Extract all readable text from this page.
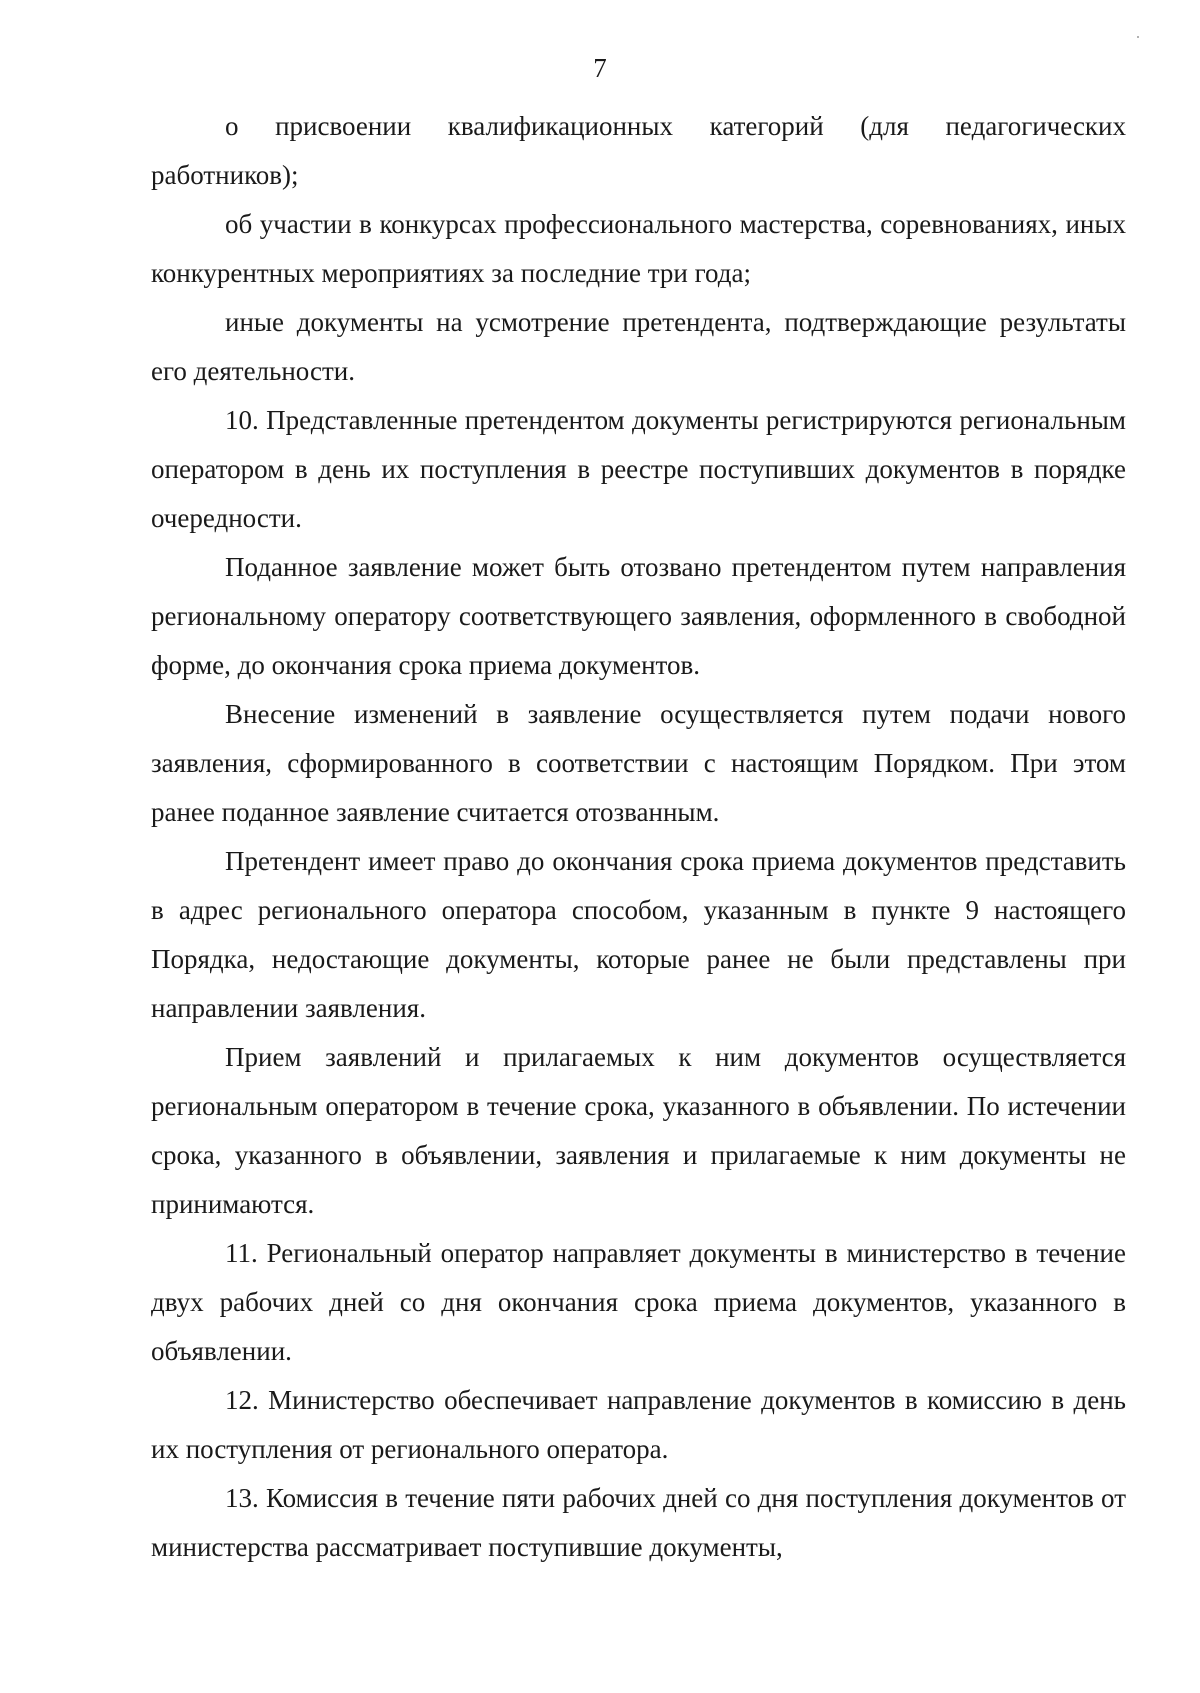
7

о присвоении квалификационных категорий (для педагогических работников);

об участии в конкурсах профессионального мастерства, соревнованиях, иных конкурентных мероприятиях за последние три года;

иные документы на усмотрение претендента, подтверждающие результаты его деятельности.

10. Представленные претендентом документы регистрируются региональным оператором в день их поступления в реестре поступивших документов в порядке очередности.

Поданное заявление может быть отозвано претендентом путем направления региональному оператору соответствующего заявления, оформленного в свободной форме, до окончания срока приема документов.

Внесение изменений в заявление осуществляется путем подачи нового заявления, сформированного в соответствии с настоящим Порядком. При этом ранее поданное заявление считается отозванным.

Претендент имеет право до окончания срока приема документов представить в адрес регионального оператора способом, указанным в пункте 9 настоящего Порядка, недостающие документы, которые ранее не были представлены при направлении заявления.

Прием заявлений и прилагаемых к ним документов осуществляется региональным оператором в течение срока, указанного в объявлении. По истечении срока, указанного в объявлении, заявления и прилагаемые к ним документы не принимаются.

11. Региональный оператор направляет документы в министерство в течение двух рабочих дней со дня окончания срока приема документов, указанного в объявлении.

12. Министерство обеспечивает направление документов в комиссию в день их поступления от регионального оператора.

13. Комиссия в течение пяти рабочих дней со дня поступления документов от министерства рассматривает поступившие документы,
